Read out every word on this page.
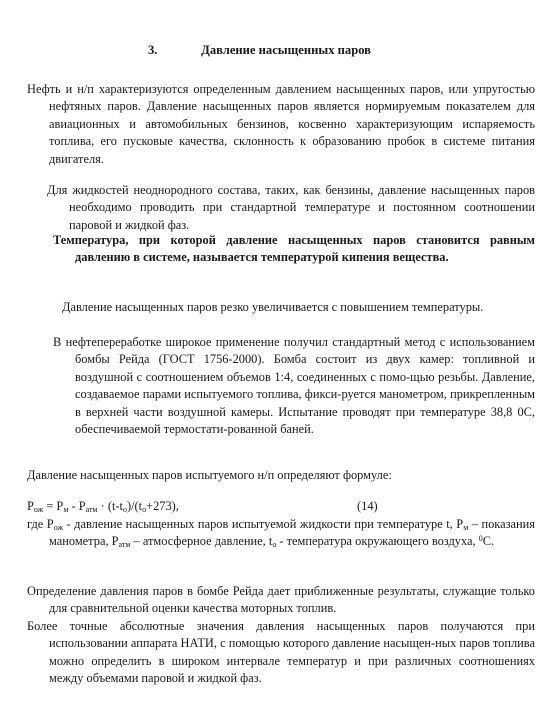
3.	Давление насыщенных паров

Нефть и н/п характеризуются определенным давлением насыщенных паров, или упругостью нефтяных паров. Давление насыщенных паров является нормируемым показателем для авиационных и автомобильных бензинов, косвенно характеризующим испаряемость топлива, его пусковые качества, склонность к образованию пробок в системе питания двигателя.

Для жидкостей неоднородного состава, таких, как бензины, давление насыщенных паров необходимо проводить при стандартной температуре и постоянном соотношении паровой и жидкой фаз.

Температура, при которой давление насыщенных паров становится равным давлению в системе, называется температурой кипения вещества.

Давление насыщенных паров резко увеличивается с повышением температуры.

В нефтепереработке широкое применение получил стандартный метод с использованием бомбы Рейда (ГОСТ 1756-2000). Бомба состоит из двух камер: топливной и воздушной с соотношением объемов 1:4, соединенных с помо-щью резьбы. Давление, создаваемое парами испытуемого топлива, фикси-руется манометром, прикрепленным в верхней части воздушной камеры. Испытание проводят при температуре 38,8 0С, обеспечиваемой термостати-рованной баней.

Давление насыщенных паров испытуемого н/п определяют формуле:

$P_{ож} = P_м - P_{атм} \cdot (t-t_о)/(t_о+273)$,	(14)

где $P_{ож}$ - давление насыщенных паров испытуемой жидкости при температуре t, $P_м$ – показания манометра, $P_{атм}$ – атмосферное давление, $t_о$ - температура окружающего воздуха, $^0$С.

Определение давления паров в бомбе Рейда дает приближенные результаты, служащие только для сравнительной оценки качества моторных топлив.

Более точные абсолютные значения давления насыщенных паров получаются при использовании аппарата НАТИ, с помощью которого давление насыщен-ных паров топлива можно определить в широком интервале температур и при различных соотношениях между объемами паровой и жидкой фаз.
